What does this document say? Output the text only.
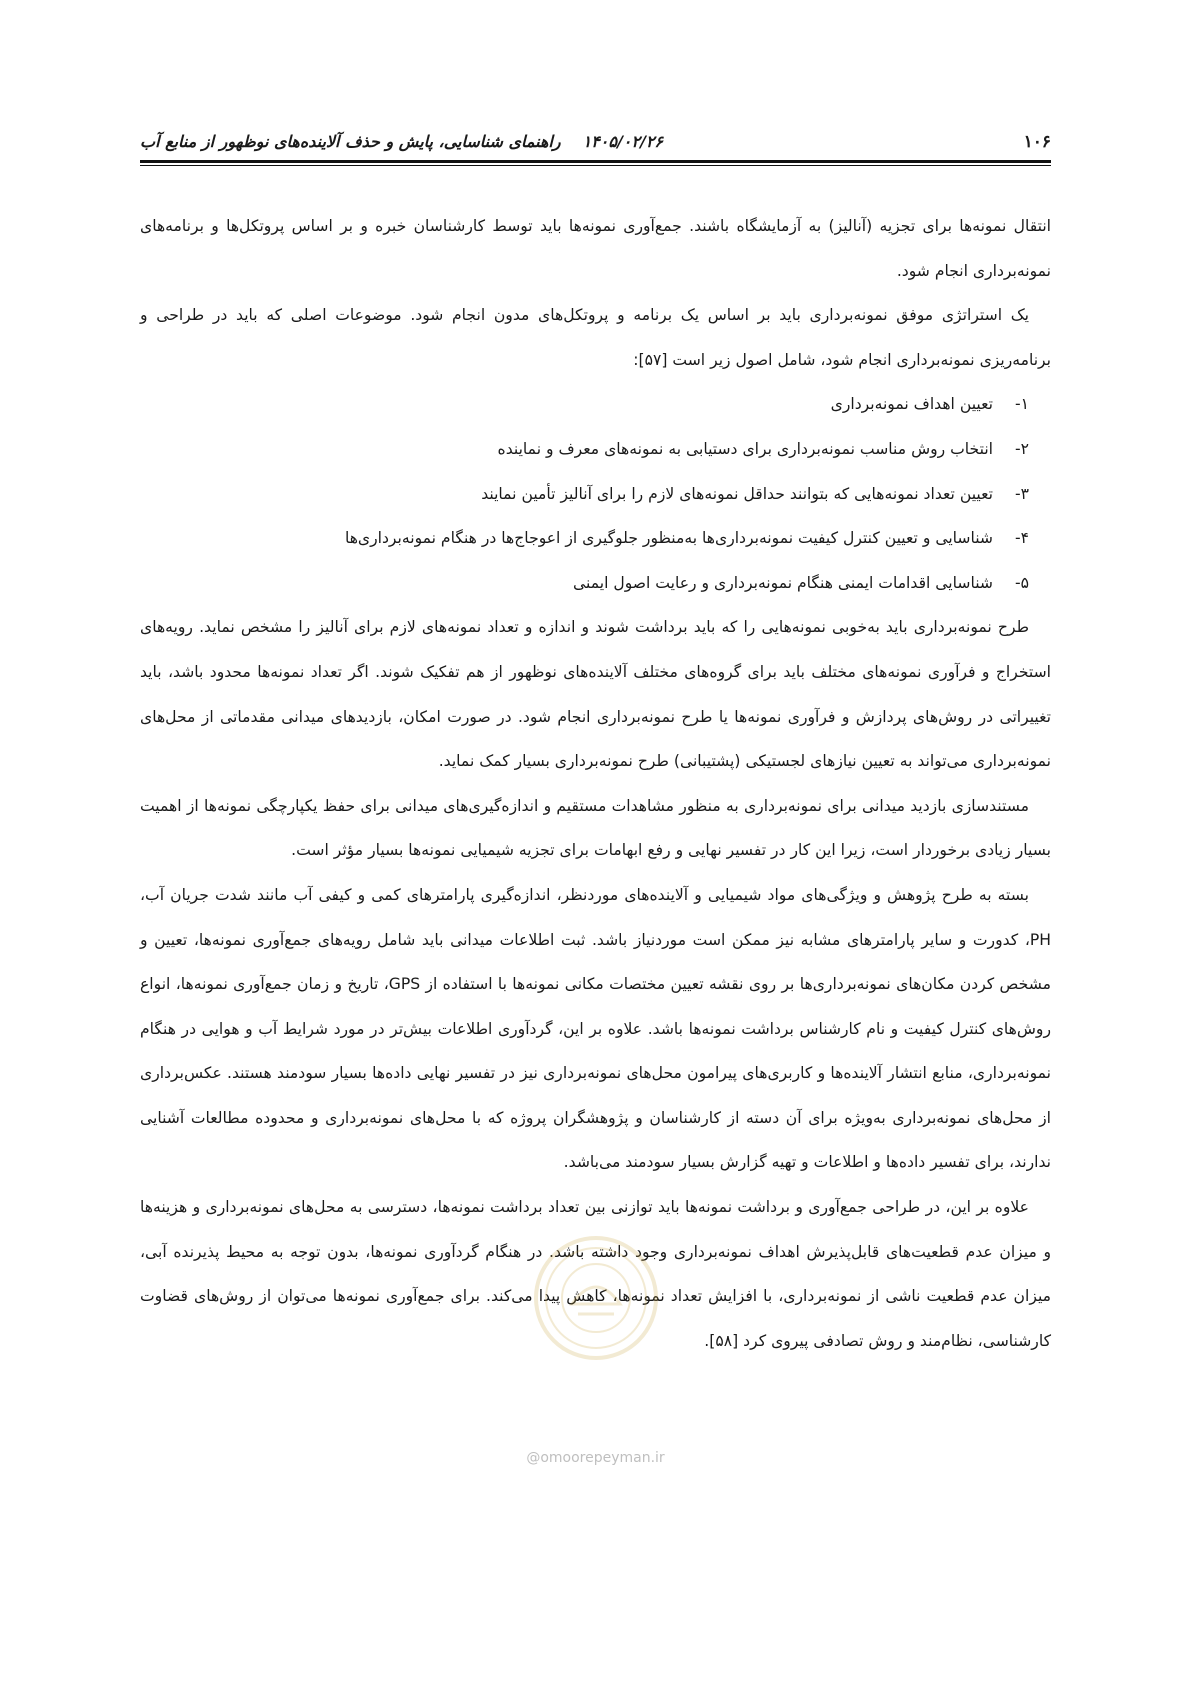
۱۰۶
۱۴۰۵/۰۲/۲۶راهنمای شناسایی، پایش و حذف آلاینده‌های نوظهور از منابع آب

انتقال نمونه‌ها برای تجزیه (آنالیز) به آزمایشگاه باشند. جمع‌آوری نمونه‌ها باید توسط کارشناسان خبره و بر اساس پروتکل‌ها و برنامه‌های نمونه‌برداری انجام شود.

یک استراتژی موفق نمونه‌برداری باید بر اساس یک برنامه و پروتکل‌های مدون انجام شود. موضوعات اصلی که باید در طراحی و برنامه‌ریزی نمونه‌برداری انجام شود، شامل اصول زیر است [۵۷]:

۱-
تعیین اهداف نمونه‌برداری
۲-
انتخاب روش مناسب نمونه‌برداری برای دستیابی به نمونه‌های معرف و نماینده
۳-
تعیین تعداد نمونه‌هایی که بتوانند حداقل نمونه‌های لازم را برای آنالیز تأمین نمایند
۴-
شناسایی و تعیین کنترل کیفیت نمونه‌برداری‌ها به‌منظور جلوگیری از اعوجاج‌ها در هنگام نمونه‌برداری‌ها
۵-
شناسایی اقدامات ایمنی هنگام نمونه‌برداری و رعایت اصول ایمنی

طرح نمونه‌برداری باید به‌خوبی نمونه‌هایی را که باید برداشت شوند و اندازه و تعداد نمونه‌های لازم برای آنالیز را مشخص نماید. رویه‌های استخراج و فرآوری نمونه‌های مختلف باید برای گروه‌های مختلف آلاینده‌های نوظهور از هم تفکیک شوند. اگر تعداد نمونه‌ها محدود باشد، باید تغییراتی در روش‌های پردازش و فرآوری نمونه‌ها یا طرح نمونه‌برداری انجام شود. در صورت امکان، بازدیدهای میدانی مقدماتی از محل‌های نمونه‌برداری می‌تواند به تعیین نیازهای لجستیکی (پشتیبانی) طرح نمونه‌برداری بسیار کمک نماید.

مستندسازی بازدید میدانی برای نمونه‌برداری به منظور مشاهدات مستقیم و اندازه‌گیری‌های میدانی برای حفظ یکپارچگی نمونه‌ها از اهمیت بسیار زیادی برخوردار است، زیرا این کار در تفسیر نهایی و رفع ابهامات برای تجزیه شیمیایی نمونه‌ها بسیار مؤثر است.

بسته به طرح پژوهش و ویژگی‌های مواد شیمیایی و آلاینده‌های موردنظر، اندازه‌گیری پارامترهای کمی و کیفی آب مانند شدت جریان آب، PH، کدورت و سایر پارامترهای مشابه نیز ممکن است موردنیاز باشد. ثبت اطلاعات میدانی باید شامل رویه‌های جمع‌آوری نمونه‌ها، تعیین و مشخص کردن مکان‌های نمونه‌برداری‌ها بر روی نقشه تعیین مختصات مکانی نمونه‌ها با استفاده از GPS، تاریخ و زمان جمع‌آوری نمونه‌ها، انواع روش‌های کنترل کیفیت و نام کارشناس برداشت نمونه‌ها باشد. علاوه بر این، گردآوری اطلاعات بیش‌تر در مورد شرایط آب و هوایی در هنگام نمونه‌برداری، منابع انتشار آلاینده‌ها و کاربری‌های پیرامون محل‌های نمونه‌برداری نیز در تفسیر نهایی داده‌ها بسیار سودمند هستند. عکس‌برداری از محل‌های نمونه‌برداری به‌ویژه برای آن دسته از کارشناسان و پژوهشگران پروژه که با محل‌های نمونه‌برداری و محدوده مطالعات آشنایی ندارند، برای تفسیر داده‌ها و اطلاعات و تهیه گزارش بسیار سودمند می‌باشد.

علاوه بر این، در طراحی جمع‌آوری و برداشت نمونه‌ها باید توازنی بین تعداد برداشت نمونه‌ها، دسترسی به محل‌های نمونه‌برداری و هزینه‌ها و میزان عدم قطعیت‌های قابل‌پذیرش اهداف نمونه‌برداری وجود داشته باشد. در هنگام گردآوری نمونه‌ها، بدون توجه به محیط پذیرنده آبی، میزان عدم قطعیت ناشی از نمونه‌برداری، با افزایش تعداد نمونه‌ها، کاهش پیدا می‌کند. برای جمع‌آوری نمونه‌ها می‌توان از روش‌های قضاوت کارشناسی، نظام‌مند و روش تصادفی پیروی کرد [۵۸].

@omoorepeyman.ir
